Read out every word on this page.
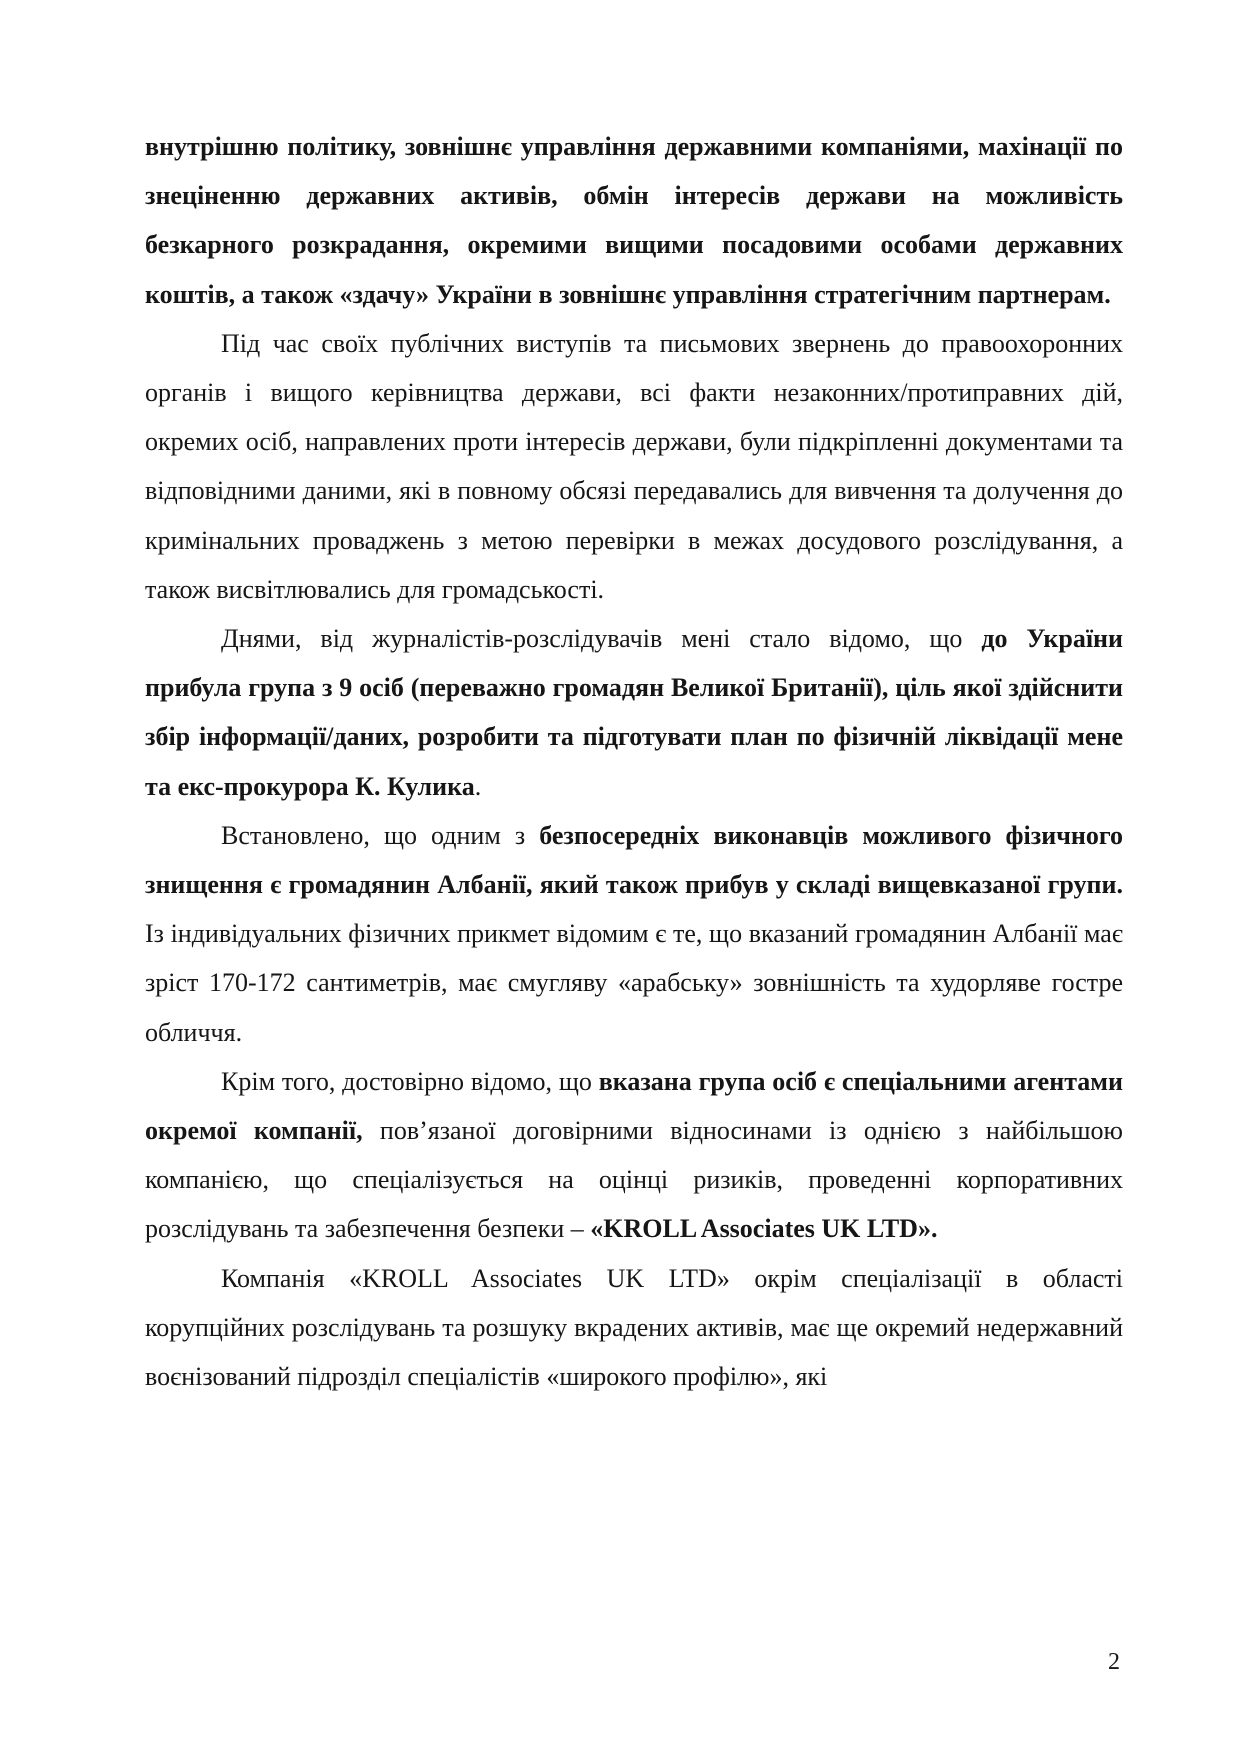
внутрішню політику, зовнішнє управління державними компаніями, махінації по знеціненню державних активів, обмін інтересів держави на можливість безкарного розкрадання, окремими вищими посадовими особами державних коштів, а також «здачу» України в зовнішнє управління стратегічним партнерам.

Під час своїх публічних виступів та письмових звернень до правоохоронних органів і вищого керівництва держави, всі факти незаконних/протиправних дій, окремих осіб, направлених проти інтересів держави, були підкріпленні документами та відповідними даними, які в повному обсязі передавались для вивчення та долучення до кримінальних проваджень з метою перевірки в межах досудового розслідування, а також висвітлювались для громадськості.

Днями, від журналістів-розслідувачів мені стало відомо, що до України прибула група з 9 осіб (переважно громадян Великої Британії), ціль якої здійснити збір інформації/даних, розробити та підготувати план по фізичній ліквідації мене та екс-прокурора К. Кулика.

Встановлено, що одним з безпосередніх виконавців можливого фізичного знищення є громадянин Албанії, який також прибув у складі вищевказаної групи. Із індивідуальних фізичних прикмет відомим є те, що вказаний громадянин Албанії має зріст 170-172 сантиметрів, має смугляву «арабську» зовнішність та худорляве гостре обличчя.

Крім того, достовірно відомо, що вказана група осіб є спеціальними агентами окремої компанії, пов’язаної договірними відносинами із однією з найбільшою компанією, що спеціалізується на оцінці ризиків, проведенні корпоративних розслідувань та забезпечення безпеки – «KROLL Associates UK LTD».

Компанія «KROLL Associates UK LTD» окрім спеціалізації в області корупційних розслідувань та розшуку вкрадених активів, має ще окремий недержавний воєнізований підрозділ спеціалістів «широкого профілю», які

2
